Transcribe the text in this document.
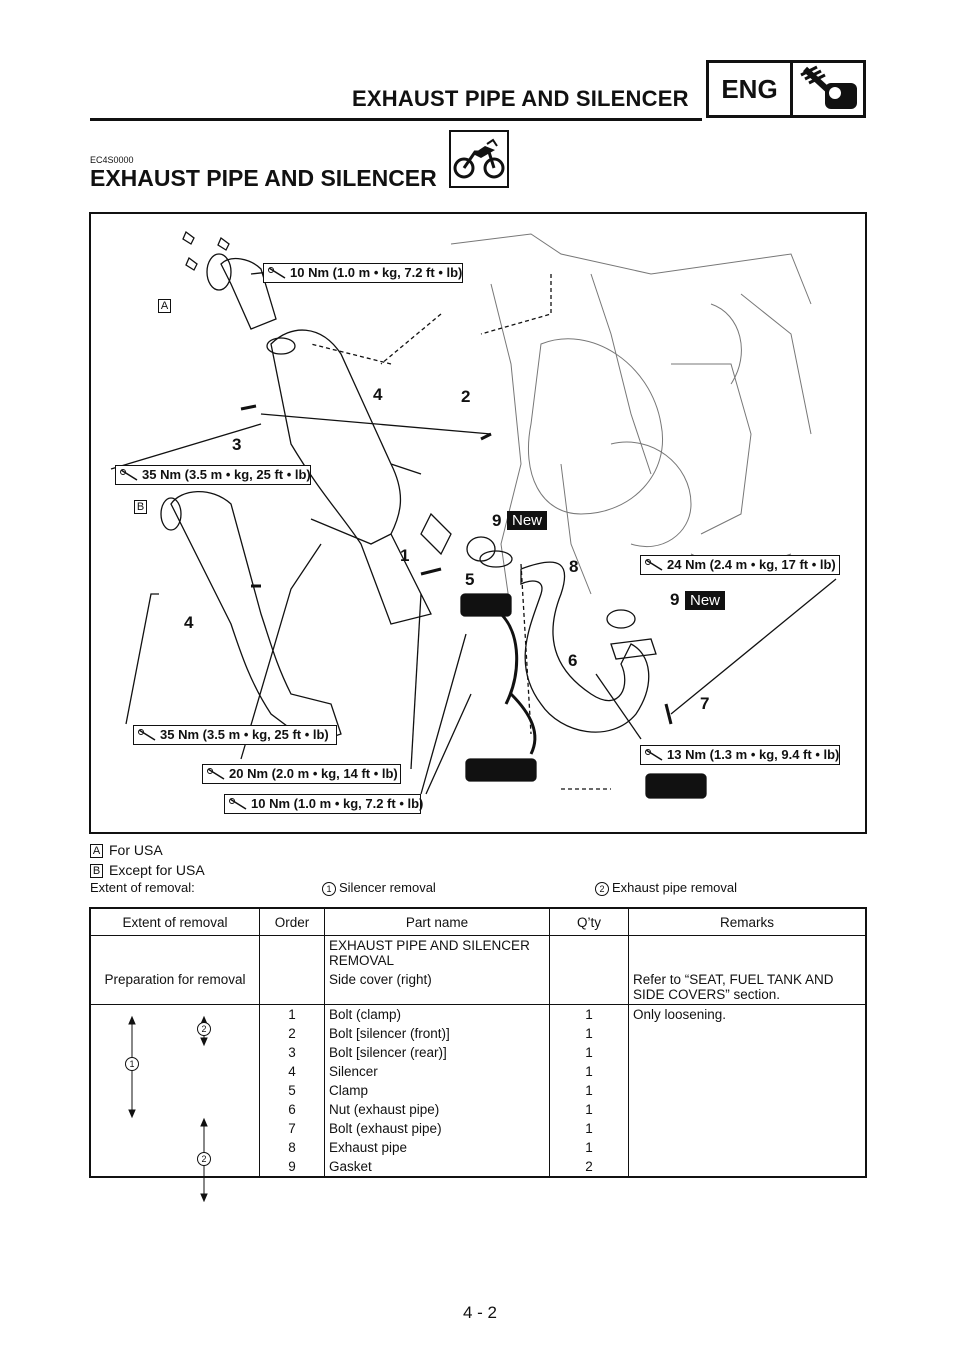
EXHAUST PIPE AND SILENCER	ENG
EC4S0000
EXHAUST PIPE AND SILENCER
A
B
10 Nm (1.0 m • kg, 7.2 ft • lb)
35 Nm (3.5 m • kg, 25 ft • lb)
24 Nm (2.4 m • kg, 17 ft • lb)
35 Nm (3.5 m • kg, 25 ft • lb)
13 Nm (1.3 m • kg, 9.4 ft • lb)
20 Nm (2.0 m • kg, 14 ft • lb)
10 Nm (1.0 m • kg, 7.2 ft • lb)
4	2
3
9 New
1
5
8
9 New
6
4
7
A For USA
B Except for USA
Extent of removal:	1 Silencer removal	2 Exhaust pipe removal
Extent of removal	Order	Part name	Q’ty	Remarks
		EXHAUST PIPE AND SILENCER REMOVAL		
Preparation for removal		Side cover (right)		Refer to “SEAT, FUEL TANK AND SIDE COVERS” section.
	1	Bolt (clamp)	1	Only loosening.
	2	Bolt [silencer (front)]	1	
	3	Bolt [silencer (rear)]	1	
	4	Silencer	1	
	5	Clamp	1	
	6	Nut (exhaust pipe)	1	
	7	Bolt (exhaust pipe)	1	
	8	Exhaust pipe	1	
	9	Gasket	2	
2
1
2
4 - 2
